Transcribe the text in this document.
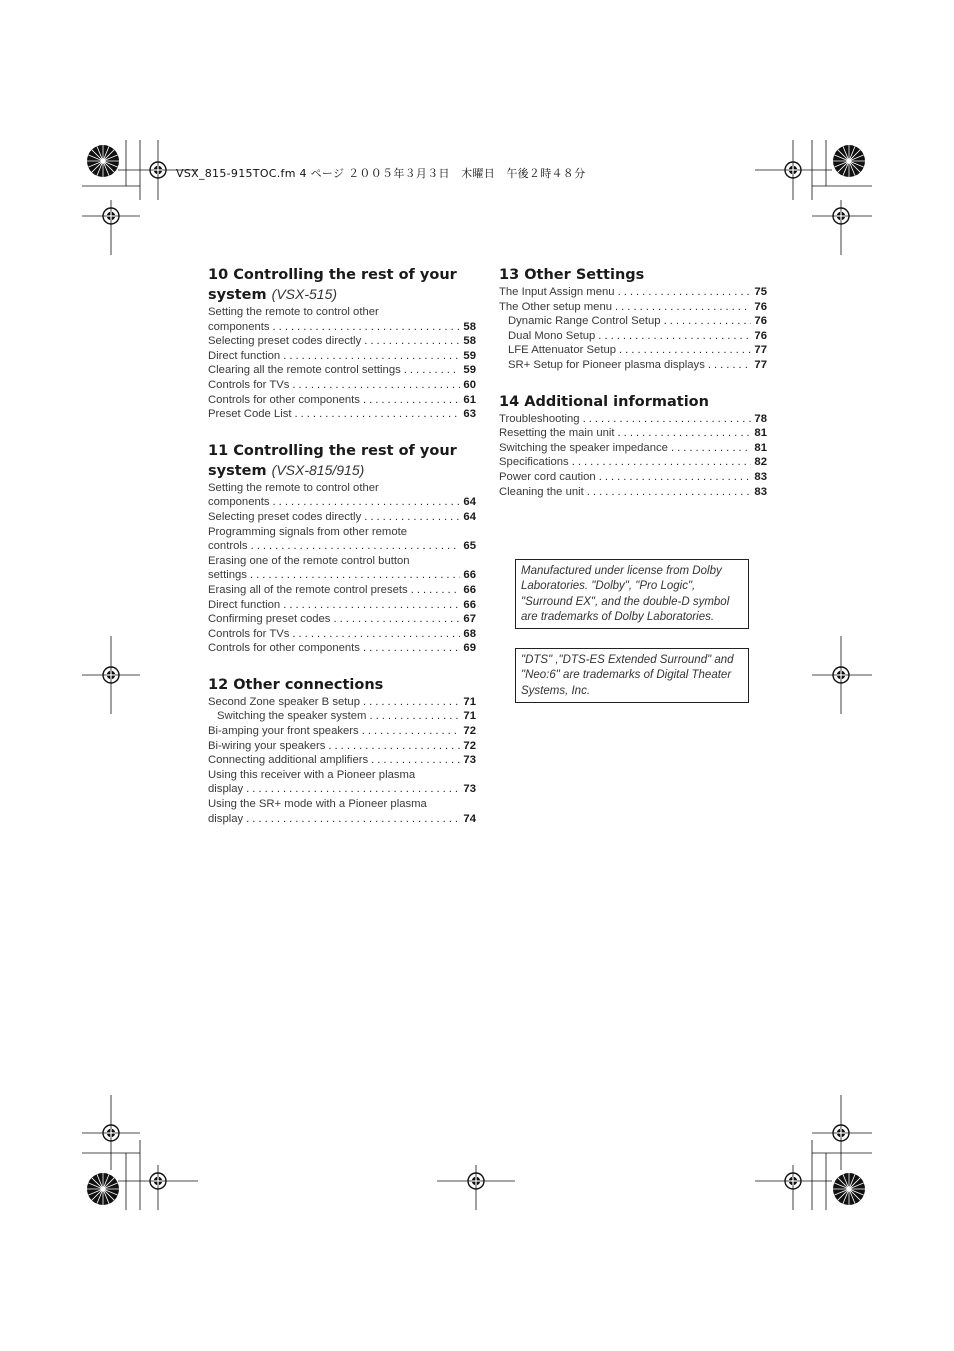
VSX_815-915TOC.fm 4 ページ ２００５年３月３日　木曜日　午後２時４８分
10 Controlling the rest of your
system (VSX-515)
Setting the remote to control other
components .....	58
Selecting preset codes directly .....	58
Direct function .....	59
Clearing all the remote control settings .....	59
Controls for TVs .....	60
Controls for other components .....	61
Preset Code List .....	63
11 Controlling the rest of your
system (VSX-815/915)
Setting the remote to control other
components .....	64
Selecting preset codes directly .....	64
Programming signals from other remote
controls .....	65
Erasing one of the remote control button
settings .....	66
Erasing all of the remote control presets .....	66
Direct function .....	66
Confirming preset codes .....	67
Controls for TVs .....	68
Controls for other components .....	69
12 Other connections
Second Zone speaker B setup .....	71
Switching the speaker system .....	71
Bi-amping your front speakers .....	72
Bi-wiring your speakers .....	72
Connecting additional amplifiers .....	73
Using this receiver with a Pioneer plasma
display .....	73
Using the SR+ mode with a Pioneer plasma
display .....	74
13 Other Settings
The Input Assign menu .....	75
The Other setup menu .....	76
Dynamic Range Control Setup .....	76
Dual Mono Setup .....	76
LFE Attenuator Setup .....	77
SR+ Setup for Pioneer plasma displays .....	77
14 Additional information
Troubleshooting .....	78
Resetting the main unit .....	81
Switching the speaker impedance .....	81
Specifications .....	82
Power cord caution .....	83
Cleaning the unit .....	83

Manufactured under license from Dolby Laboratories. "Dolby", "Pro Logic", "Surround EX", and the double-D symbol are trademarks of Dolby Laboratories.

"DTS" ,"DTS-ES Extended Surround" and "Neo:6" are trademarks of Digital Theater Systems, Inc.
